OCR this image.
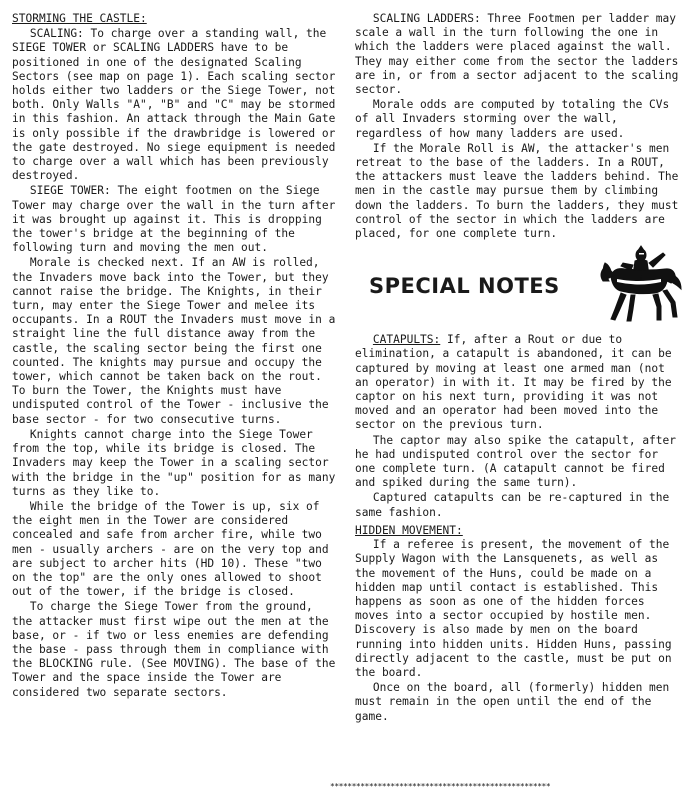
STORMING THE CASTLE:

SCALING: To charge over a standing wall, the SIEGE TOWER or SCALING LADDERS have to be positioned in one of the designated Scaling Sectors (see map on page 1). Each scaling sector holds either two ladders or the Siege Tower, not both. Only Walls "A", "B" and "C" may be stormed in this fashion. An attack through the Main Gate is only possible if the drawbridge is lowered or the gate destroyed. No siege equipment is needed to charge over a wall which has been previously destroyed.

SIEGE TOWER: The eight footmen on the Siege Tower may charge over the wall in the turn after it was brought up against it. This is dropping the tower's bridge at the beginning of the following turn and moving the men out.

Morale is checked next. If an AW is rolled, the Invaders move back into the Tower, but they cannot raise the bridge. The Knights, in their turn, may enter the Siege Tower and melee its occupants. In a ROUT the Invaders must move in a straight line the full distance away from the castle, the scaling sector being the first one counted. The knights may pursue and occupy the tower, which cannot be taken back on the rout. To burn the Tower, the Knights must have undisputed control of the Tower - inclusive the base sector - for two consecutive turns.

Knights cannot charge into the Siege Tower from the top, while its bridge is closed. The Invaders may keep the Tower in a scaling sector with the bridge in the "up" position for as many turns as they like to.

While the bridge of the Tower is up, six of the eight men in the Tower are considered concealed and safe from archer fire, while two men - usually archers - are on the very top and are subject to archer hits (HD 10). These "two on the top" are the only ones allowed to shoot out of the tower, if the bridge is closed.

To charge the Siege Tower from the ground, the attacker must first wipe out the men at the base, or - if two or less enemies are defending the base - pass through them in compliance with the BLOCKING rule. (See MOVING). The base of the Tower and the space inside the Tower are considered two separate sectors.

SCALING LADDERS: Three Footmen per ladder may scale a wall in the turn following the one in which the ladders were placed against the wall. They may either come from the sector the ladders are in, or from a sector adjacent to the scaling sector.

Morale odds are computed by totaling the CVs of all Invaders storming over the wall, regardless of how many ladders are used.

If the Morale Roll is AW, the attacker's men retreat to the base of the ladders. In a ROUT, the attackers must leave the ladders behind. The men in the castle may pursue them by climbing down the ladders. To burn the ladders, they must control of the sector in which the ladders are placed, for one complete turn.

SPECIAL NOTES

CATAPULTS: If, after a Rout or due to elimination, a catapult is abandoned, it can be captured by moving at least one armed man (not an operator) in with it. It may be fired by the captor on his next turn, providing it was not moved and an operator had been moved into the sector on the previous turn.

The captor may also spike the catapult, after he had undisputed control over the sector for one complete turn. (A catapult cannot be fired and spiked during the same turn).

Captured catapults can be re-captured in the same fashion.

HIDDEN MOVEMENT:

If a referee is present, the movement of the Supply Wagon with the Lansquenets, as well as the movement of the Huns, could be made on a hidden map until contact is established. This happens as soon as one of the hidden forces moves into a sector occupied by hostile men. Discovery is also made by men on the board running into hidden units. Hidden Huns, passing directly adjacent to the castle, must be put on the board.

Once on the board, all (formerly) hidden men must remain in the open until the end of the game.

***************************************************
